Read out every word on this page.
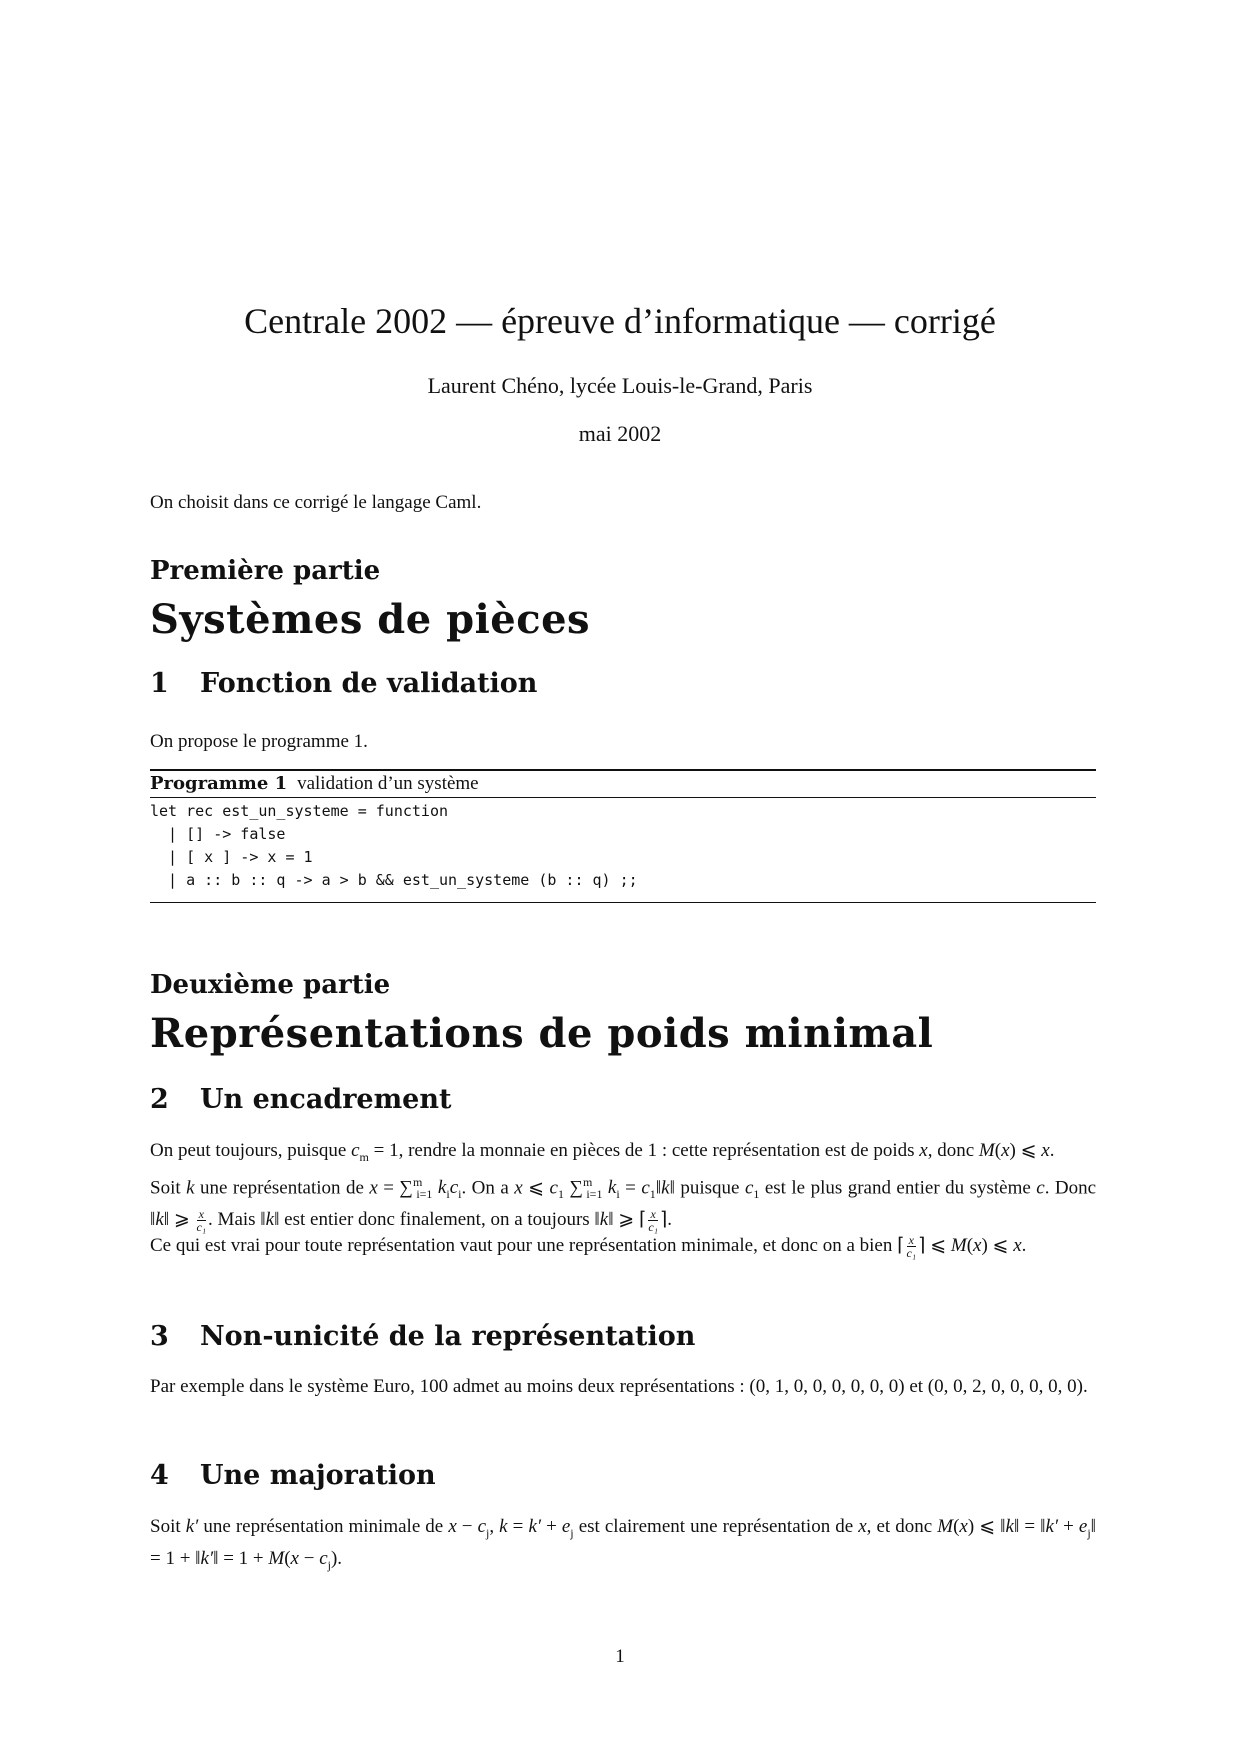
Centrale 2002 — épreuve d’informatique — corrigé
Laurent Chéno, lycée Louis-le-Grand, Paris
mai 2002
On choisit dans ce corrigé le langage Caml.
Première partie
Systèmes de pièces
1 Fonction de validation
On propose le programme 1.
Programme 1 validation d’un système
let rec est_un_systeme = function
| [] -> false
| [ x ] -> x = 1
| a :: b :: q -> a > b && est_un_systeme (b :: q) ;;
Deuxième partie
Représentations de poids minimal
2 Un encadrement
On peut toujours, puisque $c_m = 1$, rendre la monnaie en pièces de 1 : cette représentation est de poids x, donc M(x) ⩽ x.
Soit k une représentation de x = ∑$^m_{i=1}$ $k_ic_i$. On a x ⩽ $c_1$ ∑$^m_{i=1}$ $k_i$ = $c_1‖k‖$ puisque $c_1$ est le plus grand entier du système c. Donc ‖k‖ ⩾ $\frac{x}{\text{c₁}}$ . Mais ‖k‖ est entier donc finalement, on a toujours ‖k‖ ⩾ ⌈ $\frac{x}{\text{c₁}}$ ⌉.
Ce qui est vrai pour toute représentation vaut pour une représentation minimale, et donc on a bien ⌈ $\frac{x}{\text{c₁}}$ ⌉ ⩽ M(x) ⩽ x.
3 Non-unicité de la représentation
Par exemple dans le système Euro, 100 admet au moins deux représentations : (0, 1, 0, 0, 0, 0, 0, 0) et (0, 0, 2, 0, 0, 0, 0, 0).
4 Une majoration
Soit k′ une représentation minimale de $x - c_j$, $k = k' + e_j$ est clairement une représentation de x, et donc M(x) ⩽ ‖k‖ = ‖k′ + $e_j‖ = 1$ + ‖k′‖ = $1 + M(x - c_j)$.
1
